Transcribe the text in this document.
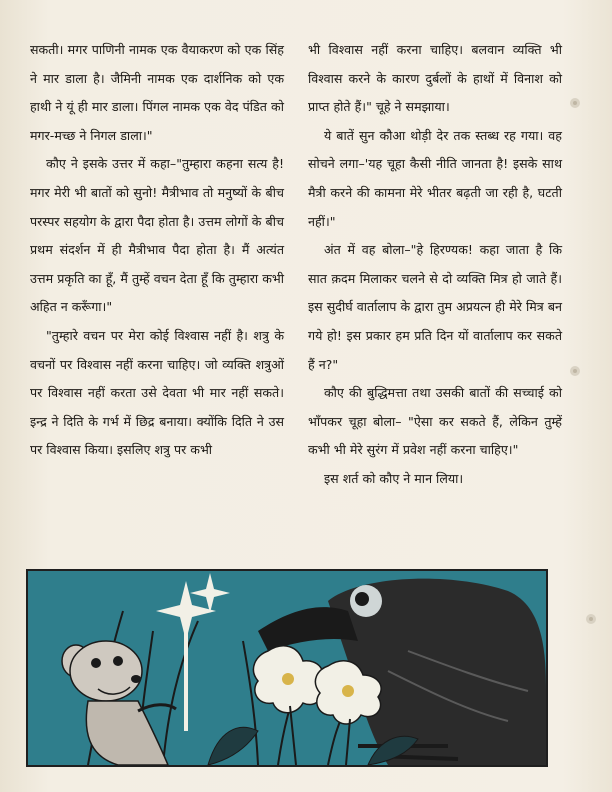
सकती। मगर पाणिनी नामक एक वैयाकरण को एक सिंह ने मार डाला है। जैमिनी नामक एक दार्शनिक को एक हाथी ने यूं ही मार डाला। पिंगल नामक एक वेद पंडित को मगर-मच्छ ने निगल डाला।"

कौए ने इसके उत्तर में कहा–"तुम्हारा कहना सत्य है! मगर मेरी भी बातों को सुनो! मैत्रीभाव तो मनुष्यों के बीच परस्पर सहयोग के द्वारा पैदा होता है। उत्तम लोगों के बीच प्रथम संदर्शन में ही मैत्रीभाव पैदा होता है। मैं अत्यंत उत्तम प्रकृति का हूँ, मैं तुम्हें वचन देता हूँ कि तुम्हारा कभी अहित न करूँगा।"

"तुम्हारे वचन पर मेरा कोई विश्वास नहीं है। शत्रु के वचनों पर विश्वास नहीं करना चाहिए। जो व्यक्ति शत्रुओं पर विश्वास नहीं करता उसे देवता भी मार नहीं सकते। इन्द्र ने दिति के गर्भ में छिद्र बनाया। क्योंकि दिति ने उस पर विश्वास किया। इसलिए शत्रु पर कभी

भी विश्वास नहीं करना चाहिए। बलवान व्यक्ति भी विश्वास करने के कारण दुर्बलों के हाथों में विनाश को प्राप्त होते हैं।" चूहे ने समझाया।

ये बातें सुन कौआ थोड़ी देर तक स्तब्ध रह गया। वह सोचने लगा–'यह चूहा कैसी नीति जानता है! इसके साथ मैत्री करने की कामना मेरे भीतर बढ़ती जा रही है, घटती नहीं।"

अंत में वह बोला–"हे हिरण्यक! कहा जाता है कि सात क़दम मिलाकर चलने से दो व्यक्ति मित्र हो जाते हैं। इस सुदीर्घ वार्तालाप के द्वारा तुम अप्रयत्न ही मेरे मित्र बन गये हो! इस प्रकार हम प्रति दिन यों वार्तालाप कर सकते हैं न?"

कौए की बुद्धिमत्ता तथा उसकी बातों की सच्चाई को भाँपकर चूहा बोला– "ऐसा कर सकते हैं, लेकिन तुम्हें कभी भी मेरे सुरंग में प्रवेश नहीं करना चाहिए।"

इस शर्त को कौए ने मान लिया।
